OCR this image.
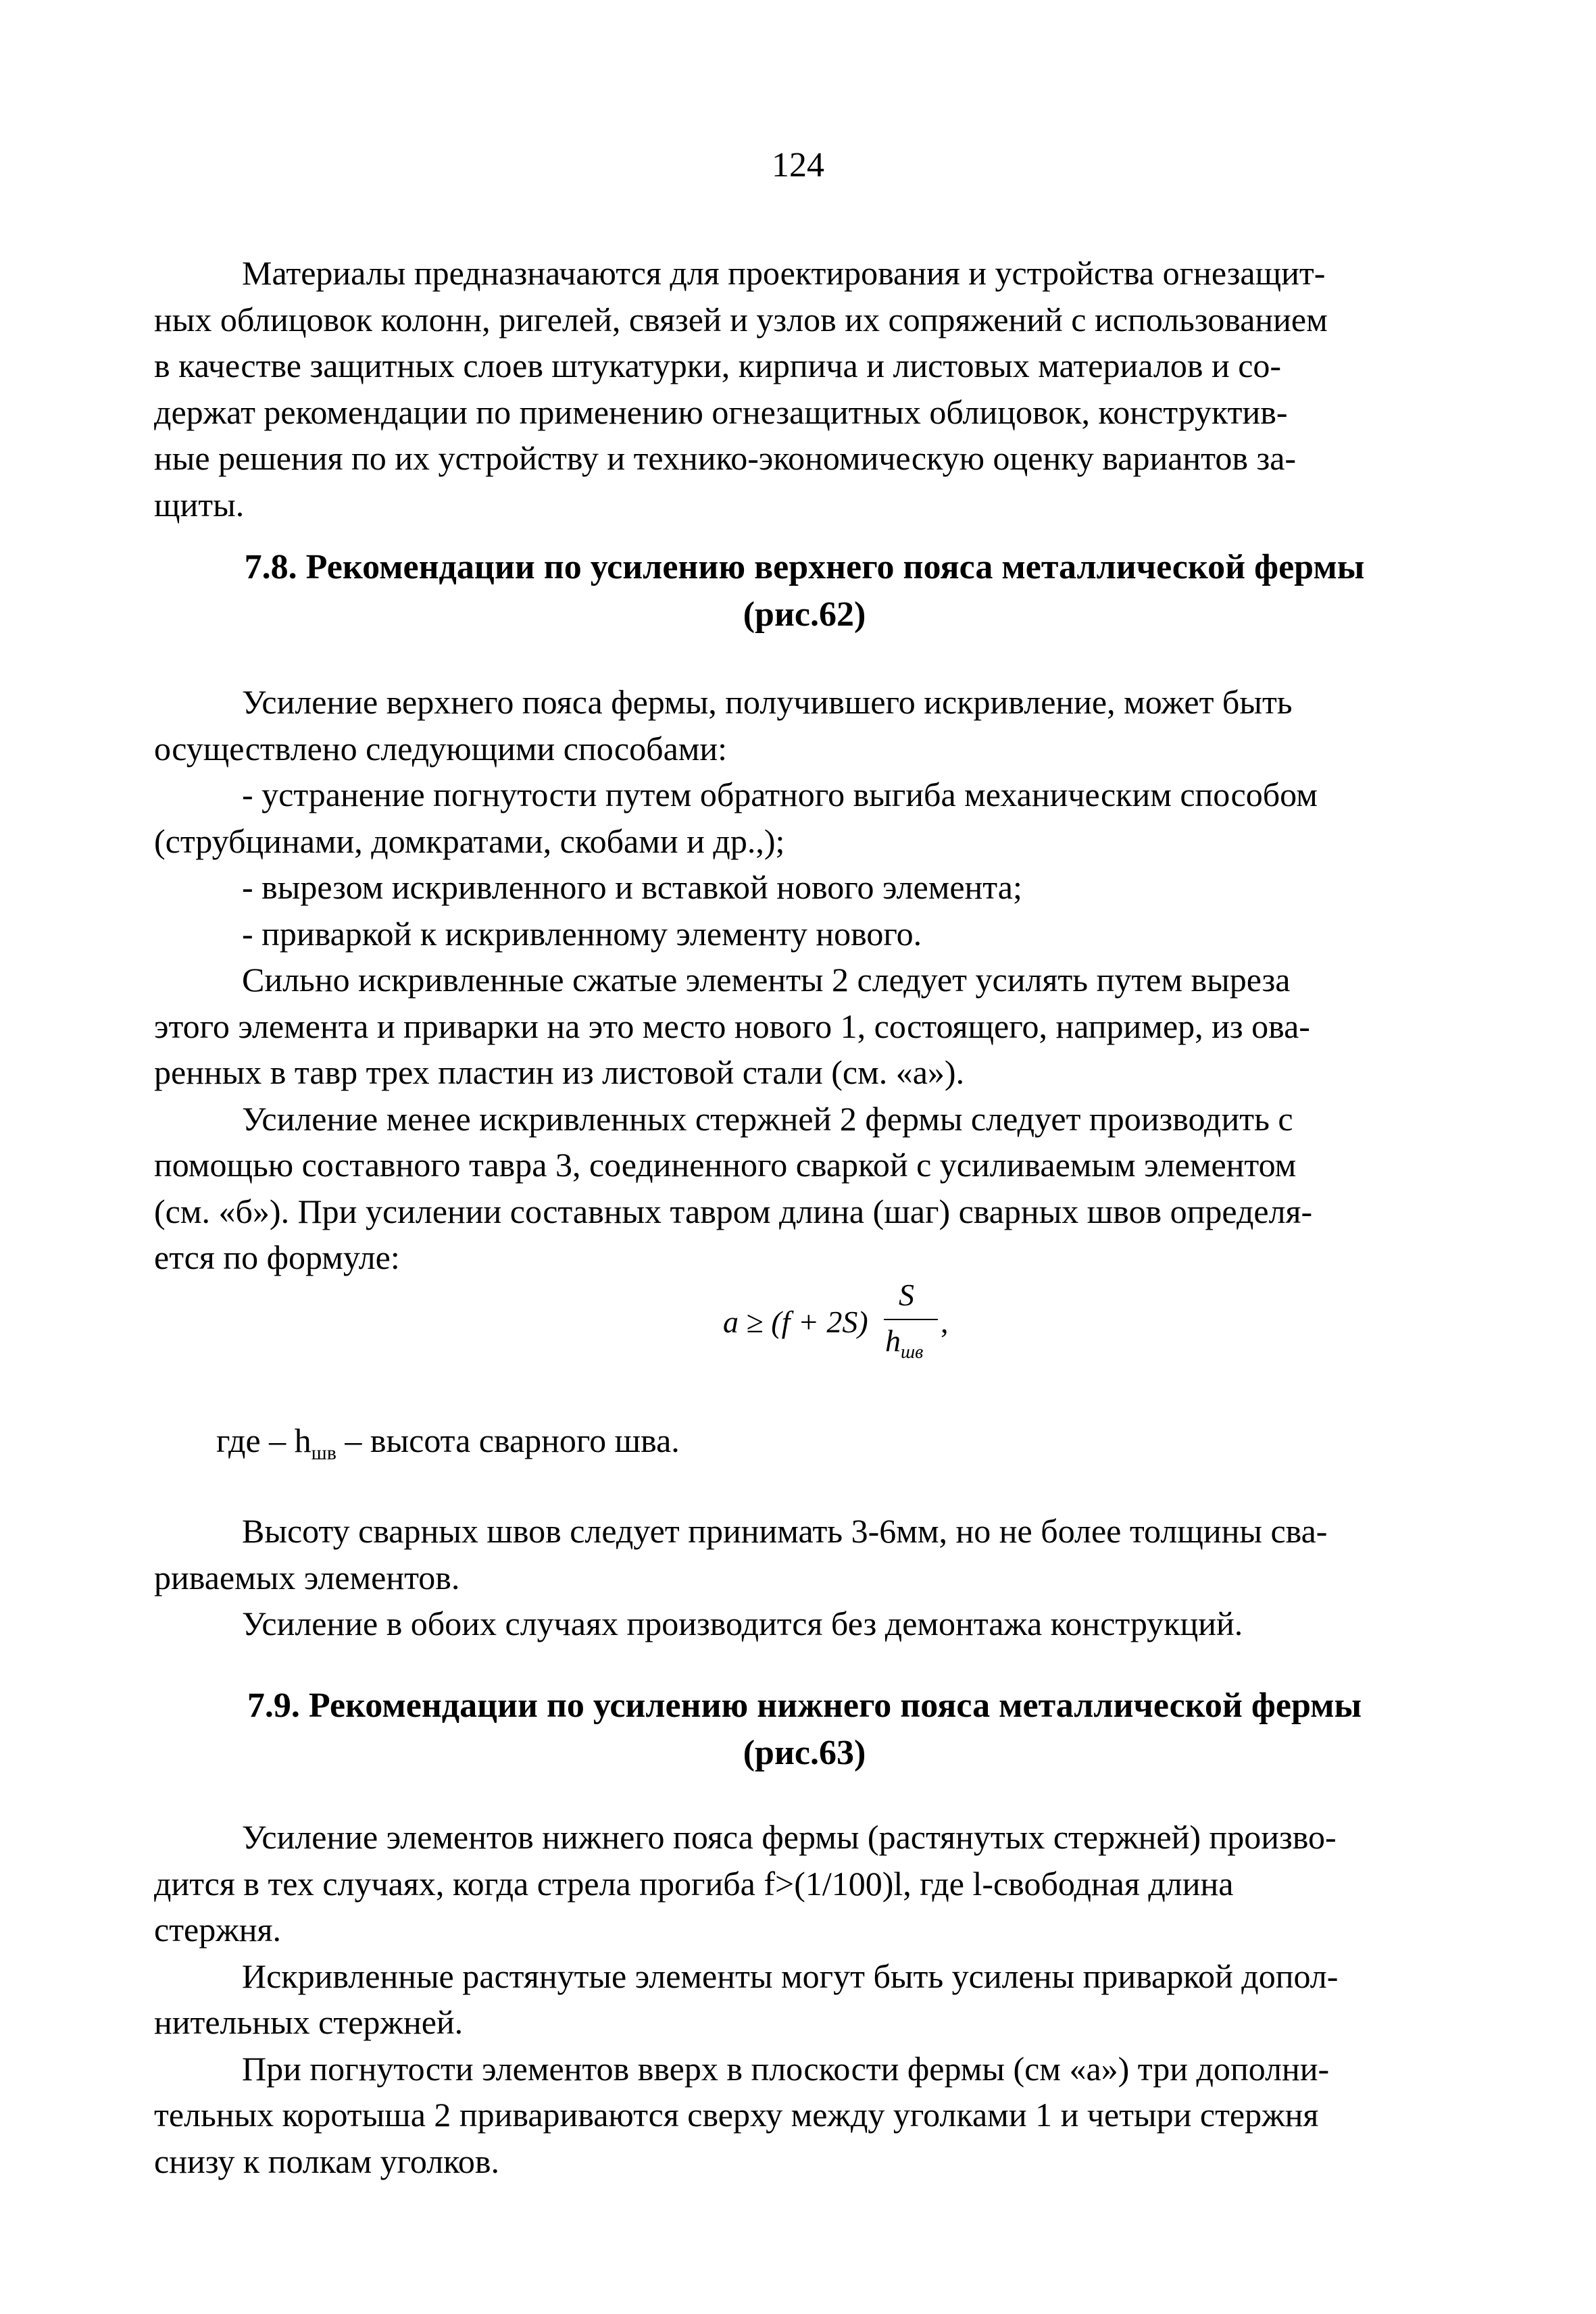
124

Материалы предназначаются для проектирования и устройства огнезащит-

ных облицовок колонн, ригелей, связей и узлов их сопряжений с использованием

в качестве защитных слоев штукатурки, кирпича и листовых материалов и со-

держат рекомендации по применению огнезащитных облицовок, конструктив-

ные решения по их устройству и технико-экономическую оценку вариантов за-

щиты.

7.8. Рекомендации по усилению верхнего пояса металлической фермы
(рис.62)

Усиление верхнего пояса фермы, получившего искривление, может быть

осуществлено следующими способами:

- устранение погнутости путем обратного выгиба механическим способом

(струбцинами, домкратами, скобами и др.,);

- вырезом искривленного и вставкой нового элемента;

- приваркой к искривленному элементу нового.

Сильно искривленные сжатые элементы 2 следует усилять путем выреза

этого элемента и приварки на это место нового 1, состоящего, например, из ова-

ренных в тавр трех пластин из листовой стали (см. «а»).

Усиление менее искривленных стержней 2 фермы следует производить с

помощью составного тавра 3, соединенного сваркой с усиливаемым элементом

(см. «б»). При усилении составных тавром длина (шаг) сварных швов определя-

ется по формуле:

a ≥ (f + 2S)
S
$h_{шв}$
,
где – $h_{шв}$ – высота сварного шва.

Высоту сварных швов следует принимать 3-6мм, но не более толщины сва-

риваемых элементов.

Усиление в обоих случаях производится без демонтажа конструкций.

7.9. Рекомендации по усилению нижнего пояса металлической фермы
(рис.63)

Усиление элементов нижнего пояса фермы (растянутых стержней) произво-

дится в тех случаях, когда стрела прогиба f>(1/100)l, где l-свободная длина

стержня.

Искривленные растянутые элементы могут быть усилены приваркой допол-

нительных стержней.

При погнутости элементов вверх в плоскости фермы (см «а») три дополни-

тельных коротыша 2 привариваются сверху между уголками 1 и четыри стержня

снизу к полкам уголков.
